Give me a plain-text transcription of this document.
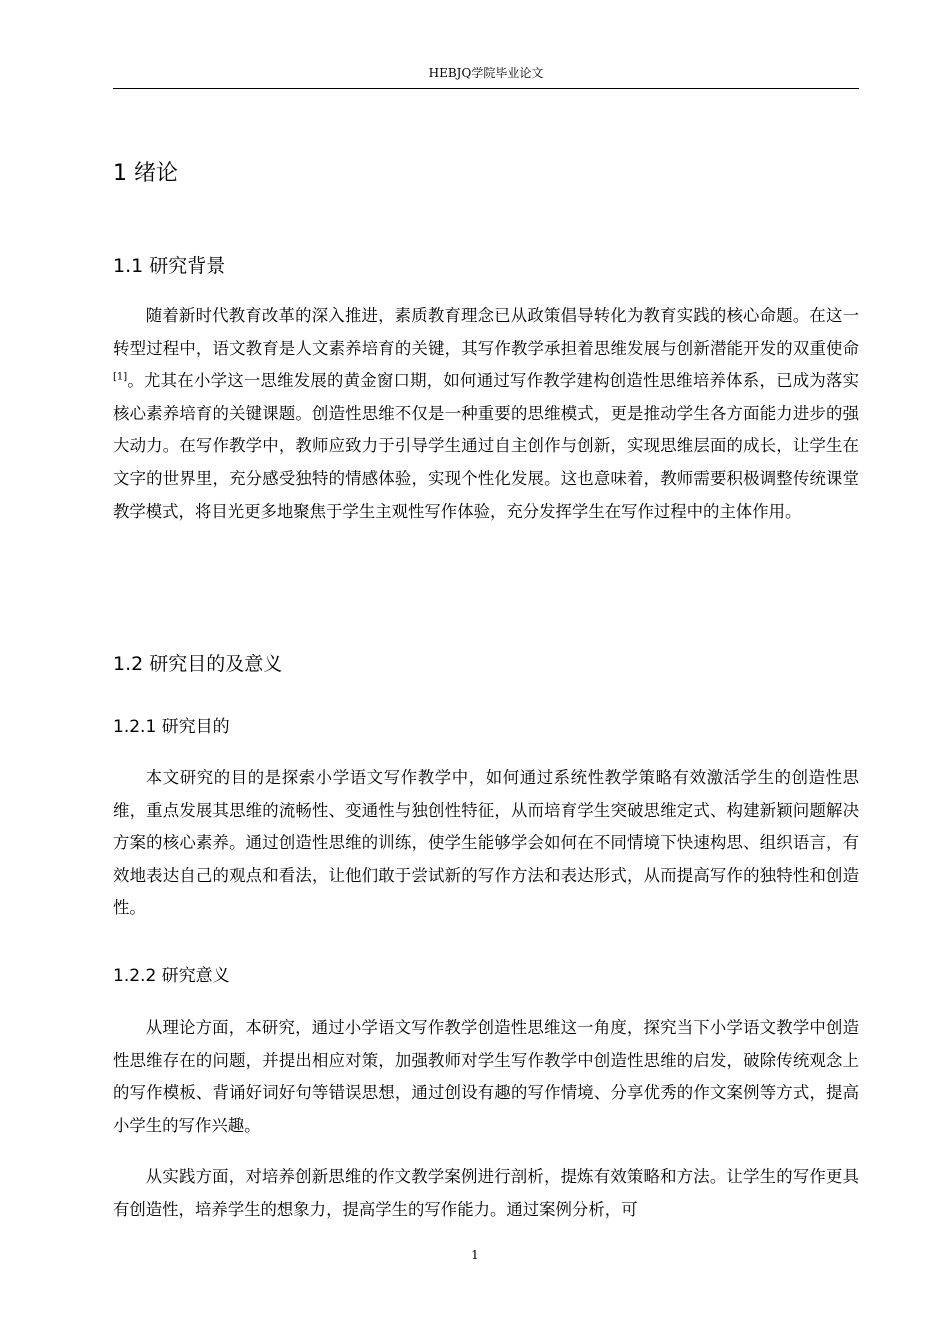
HEBJQ学院毕业论文
1 绪论
1.1 研究背景

随着新时代教育改革的深入推进，素质教育理念已从政策倡导转化为教育实践的核心命题。在这一转型过程中，语文教育是人文素养培育的关键，其写作教学承担着思维发展与创新潜能开发的双重使命[1]。尤其在小学这一思维发展的黄金窗口期，如何通过写作教学建构创造性思维培养体系，已成为落实核心素养培育的关键课题。创造性思维不仅是一种重要的思维模式，更是推动学生各方面能力进步的强大动力。在写作教学中，教师应致力于引导学生通过自主创作与创新，实现思维层面的成长，让学生在文字的世界里，充分感受独特的情感体验，实现个性化发展。这也意味着，教师需要积极调整传统课堂教学模式，将目光更多地聚焦于学生主观性写作体验，充分发挥学生在写作过程中的主体作用。

1.2 研究目的及意义
1.2.1 研究目的

本文研究的目的是探索小学语文写作教学中，如何通过系统性教学策略有效激活学生的创造性思维，重点发展其思维的流畅性、变通性与独创性特征，从而培育学生突破思维定式、构建新颖问题解决方案的核心素养。通过创造性思维的训练，使学生能够学会如何在不同情境下快速构思、组织语言，有效地表达自己的观点和看法，让他们敢于尝试新的写作方法和表达形式，从而提高写作的独特性和创造性。

1.2.2 研究意义

从理论方面，本研究，通过小学语文写作教学创造性思维这一角度，探究当下小学语文教学中创造性思维存在的问题，并提出相应对策，加强教师对学生写作教学中创造性思维的启发，破除传统观念上的写作模板、背诵好词好句等错误思想，通过创设有趣的写作情境、分享优秀的作文案例等方式，提高小学生的写作兴趣。

从实践方面，对培养创新思维的作文教学案例进行剖析，提炼有效策略和方法。让学生的写作更具有创造性，培养学生的想象力，提高学生的写作能力。通过案例分析，可

1
